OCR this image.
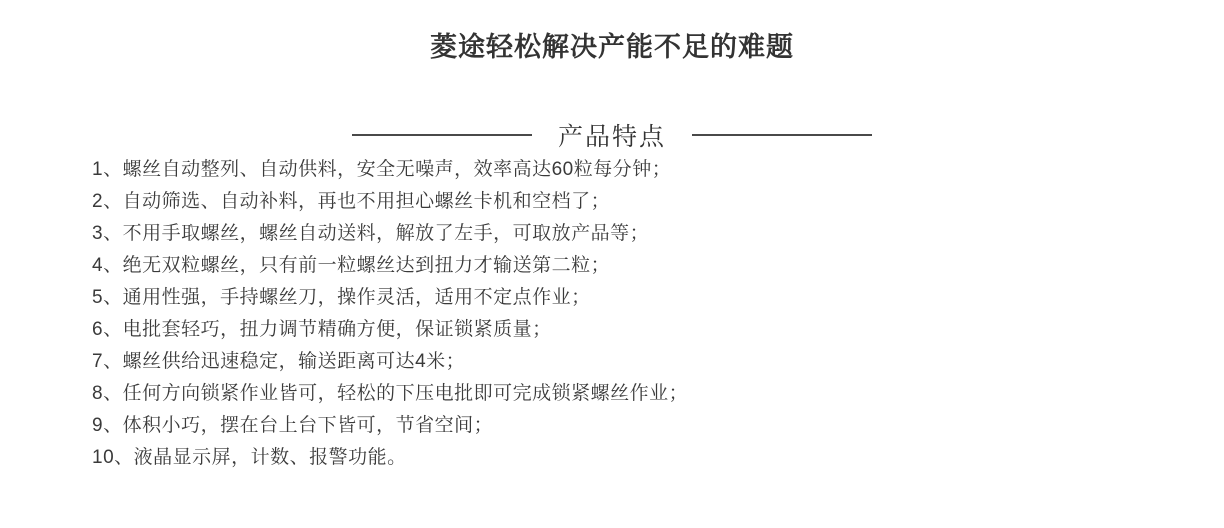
菱途轻松解决产能不足的难题
产品特点
1、螺丝自动整列、自动供料，安全无噪声，效率高达60粒每分钟；
2、自动筛选、自动补料，再也不用担心螺丝卡机和空档了；
3、不用手取螺丝，螺丝自动送料，解放了左手，可取放产品等；
4、绝无双粒螺丝，只有前一粒螺丝达到扭力才输送第二粒；
5、通用性强，手持螺丝刀，操作灵活，适用不定点作业；
6、电批套轻巧，扭力调节精确方便，保证锁紧质量；
7、螺丝供给迅速稳定，输送距离可达4米；
8、任何方向锁紧作业皆可，轻松的下压电批即可完成锁紧螺丝作业；
9、体积小巧，摆在台上台下皆可，节省空间；
10、液晶显示屏，计数、报警功能。
